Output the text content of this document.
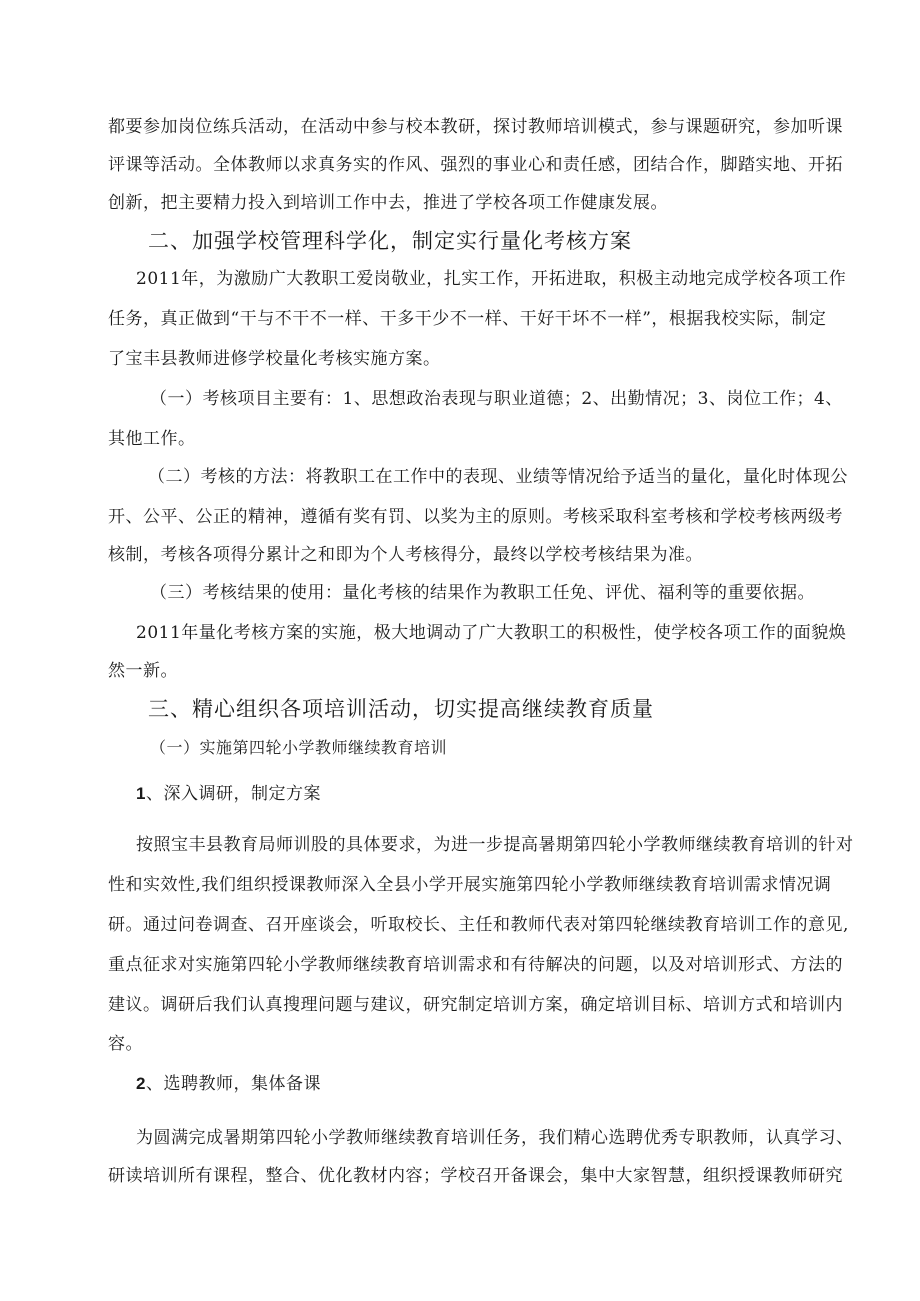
都要参加岗位练兵活动，在活动中参与校本教研，探讨教师培训模式，参与课题研究，参加听课
评课等活动。全体教师以求真务实的作风、强烈的事业心和责任感，团结合作，脚踏实地、开拓
创新，把主要精力投入到培训工作中去，推进了学校各项工作健康发展。
二、加强学校管理科学化，制定实行量化考核方案
2011年，为激励广大教职工爱岗敬业，扎实工作，开拓进取，积极主动地完成学校各项工作
任务，真正做到“干与不干不一样、干多干少不一样、干好干坏不一样”，根据我校实际，制定
了宝丰县教师进修学校量化考核实施方案。
（一）考核项目主要有：1、思想政治表现与职业道德；2、出勤情况；3、岗位工作；4、
其他工作。
（二）考核的方法：将教职工在工作中的表现、业绩等情况给予适当的量化，量化时体现公
开、公平、公正的精神，遵循有奖有罚、以奖为主的原则。考核采取科室考核和学校考核两级考
核制，考核各项得分累计之和即为个人考核得分，最终以学校考核结果为准。
（三）考核结果的使用：量化考核的结果作为教职工任免、评优、福利等的重要依据。
2011年量化考核方案的实施，极大地调动了广大教职工的积极性，使学校各项工作的面貌焕
然一新。
三、精心组织各项培训活动，切实提高继续教育质量
（一）实施第四轮小学教师继续教育培训
1、深入调研，制定方案
按照宝丰县教育局师训股的具体要求，为进一步提高暑期第四轮小学教师继续教育培训的针对
性和实效性,我们组织授课教师深入全县小学开展实施第四轮小学教师继续教育培训需求情况调
研。通过问卷调查、召开座谈会，听取校长、主任和教师代表对第四轮继续教育培训工作的意见,
重点征求对实施第四轮小学教师继续教育培训需求和有待解决的问题，以及对培训形式、方法的
建议。调研后我们认真搜理问题与建议，研究制定培训方案，确定培训目标、培训方式和培训内
容。
2、选聘教师，集体备课
为圆满完成暑期第四轮小学教师继续教育培训任务，我们精心选聘优秀专职教师，认真学习、
研读培训所有课程，整合、优化教材内容；学校召开备课会，集中大家智慧，组织授课教师研究
